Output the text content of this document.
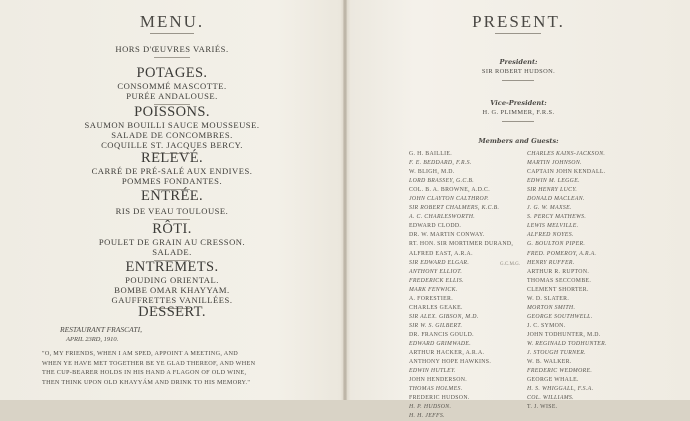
MENU.
HORS D'ŒUVRES VARIÉS.
POTAGES.
CONSOMMÉ MASCOTTE.
PURÉE ANDALOUSE.
POISSONS.
SAUMON BOUILLI SAUCE MOUSSEUSE.
SALADE DE CONCOMBRES.
COQUILLE ST. JACQUES BERCY.
RELEVÉ.
CARRÉ DE PRÉ-SALÉ AUX ENDIVES.
POMMES FONDANTES.
ENTRÉE.
RIS DE VEAU TOULOUSE.
RÔTI.
POULET DE GRAIN AU CRESSON.
SALADE.
ENTREMETS.
POUDING ORIENTAL.
BOMBE OMAR KHAYYAM.
GAUFFRETTES VANILLÉES.
DESSERT.
RESTAURANT FRASCATI,
APRIL 23RD, 1910.
"O, MY FRIENDS, WHEN I AM SPED, APPOINT A MEETING, AND
WHEN YE HAVE MET TOGETHER BE YE GLAD THEREOF, AND WHEN
THE CUP-BEARER HOLDS IN HIS HAND A FLAGON OF OLD WINE,
THEN THINK UPON OLD KHAYYÁM AND DRINK TO HIS MEMORY."
PRESENT.
President:
SIR ROBERT HUDSON.
Vice-President:
H. G. PLIMMER, F.R.S.
Members and Guests:
G. H. BAILLIE.
F. E. BEDDARD, F.R.S.
W. BLIGH, M.D.
LORD BRASSEY, G.C.B.
COL. B. A. BROWNE, A.D.C.
JOHN CLAYTON CALTHROP.
SIR ROBERT CHALMERS, K.C.B.
A. C. CHARLESWORTH.
EDWARD CLODD.
DR. W. MARTIN CONWAY.
RT. HON. SIR MORTIMER DURAND,
ALFRED EAST, A.R.A.
SIR EDWARD ELGAR.
ANTHONY ELLIOT.
FREDERICK ELLIS.
MARK FENWICK.
A. FORESTIER.
CHARLES GEAKE.
SIR ALEX. GIBSON, M.D.
SIR W. S. GILBERT.
DR. FRANCIS GOULD.
EDWARD GRIMWADE.
ARTHUR HACKER, A.R.A.
ANTHONY HOPE HAWKINS.
EDWIN HUTLEY.
JOHN HENDERSON.
THOMAS HOLMES.
FREDERIC HUDSON.
H. P. HUDSON.
H. H. JEFFS.
CHARLES KAINS-JACKSON.
MARTIN JOHNSON.
CAPTAIN JOHN KENDALL.
EDWIN M. LEGGE.
SIR HENRY LUCY.
DONALD MACLEAN.
J. G. W. MAXSE.
S. PERCY MATHEWS.
LEWIS MELVILLE.
ALFRED NOYES.
G. BOULTON PIPER.
FRED. POMEROY, A.R.A.
HENRY RUFFER.
ARTHUR R. RUPTON.
THOMAS SECCOMBE.
CLEMENT SHORTER.
W. D. SLATER.
MORTON SMITH.
GEORGE SOUTHWELL.
J. C. SYMON.
JOHN TODHUNTER, M.D.
W. REGINALD TODHUNTER.
J. STOUGH TURNER.
W. B. WALKER.
FREDERIC WEDMORE.
GEORGE WHALE.
H. S. WHIGGALL, F.S.A.
COL. WILLIAMS.
T. J. WISE.
G.C.M.G.
